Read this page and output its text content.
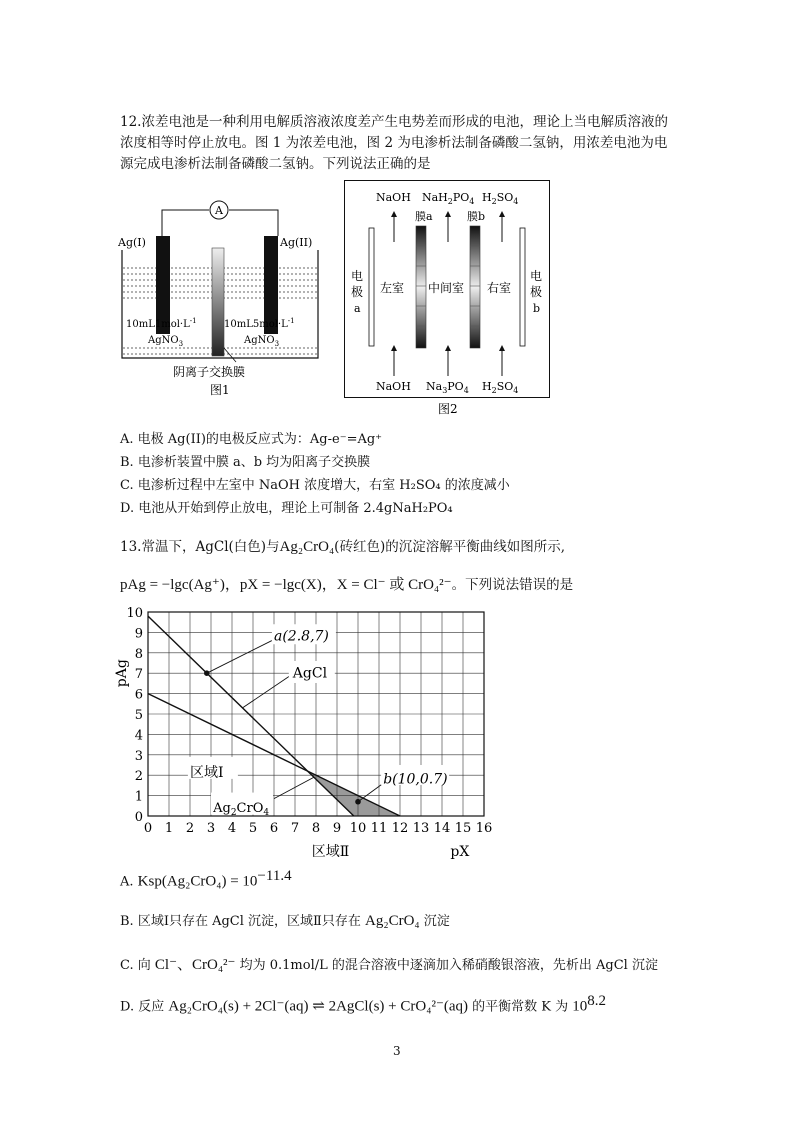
12.浓差电池是一种利用电解质溶液浓度差产生电势差而形成的电池，理论上当电解质溶液的浓度相等时停止放电。图 1 为浓差电池，图 2 为电渗析法制备磷酸二氢钠，用浓差电池为电源完成电渗析法制备磷酸二氢钠。下列说法正确的是
A
Ag(I)	Ag(II)
$10mL1mol\cdot L^{-1}$
AgNO$_3$
$10mL5mol\cdot L^{-1}$
AgNO$_3$
阴离子交换膜
图1
NaOH $NaH_2PO_4$ $H_2SO_4$
膜a	膜b
电
极
a
电
极
b
左室 中间室 右室
NaOH $Na_3PO_4$ $H_2SO_4$
图2
A. 电极 Ag(II)的电极反应式为：Ag-e⁻=Ag⁺
B. 电渗析装置中膜 a、b 均为阳离子交换膜
C. 电渗析过程中左室中 NaOH 浓度增大，右室 H₂SO₄ 的浓度减小
D. 电池从开始到停止放电，理论上可制备 2.4gNaH₂PO₄
13.常温下，AgCl(白色)与Ag₂CrO₄(砖红色)的沉淀溶解平衡曲线如图所示,
pAg = −lgc(Ag⁺)，pX = −lgc(X)，X = Cl⁻ 或 CrO₄²⁻。下列说法错误的是
0 1 2 3 4 5 6 7 8 9 10 11 12 13 14 15 16
0
1
2
3
4
5
6
7
8
9
10
AgCl
$Ag_2CrO_4$
区域Ⅰ
a(2.8,7)
b(10,0.7)
区域Ⅱ	pX
pAg
A. $Ksp(Ag_2CrO_4) = 10^{-11.4}$
B. 区域Ⅰ只存在 AgCl 沉淀，区域Ⅱ只存在 Ag₂CrO₄ 沉淀
C. 向 Cl⁻、CrO₄²⁻ 均为 0.1mol/L 的混合溶液中逐滴加入稀硝酸银溶液，先析出 AgCl 沉淀
D. 反应 Ag₂CrO₄(s) + 2Cl⁻(aq) ⇌ 2AgCl(s) + CrO₄²⁻(aq) 的平衡常数 K 为 $10^{8.2}$
3
